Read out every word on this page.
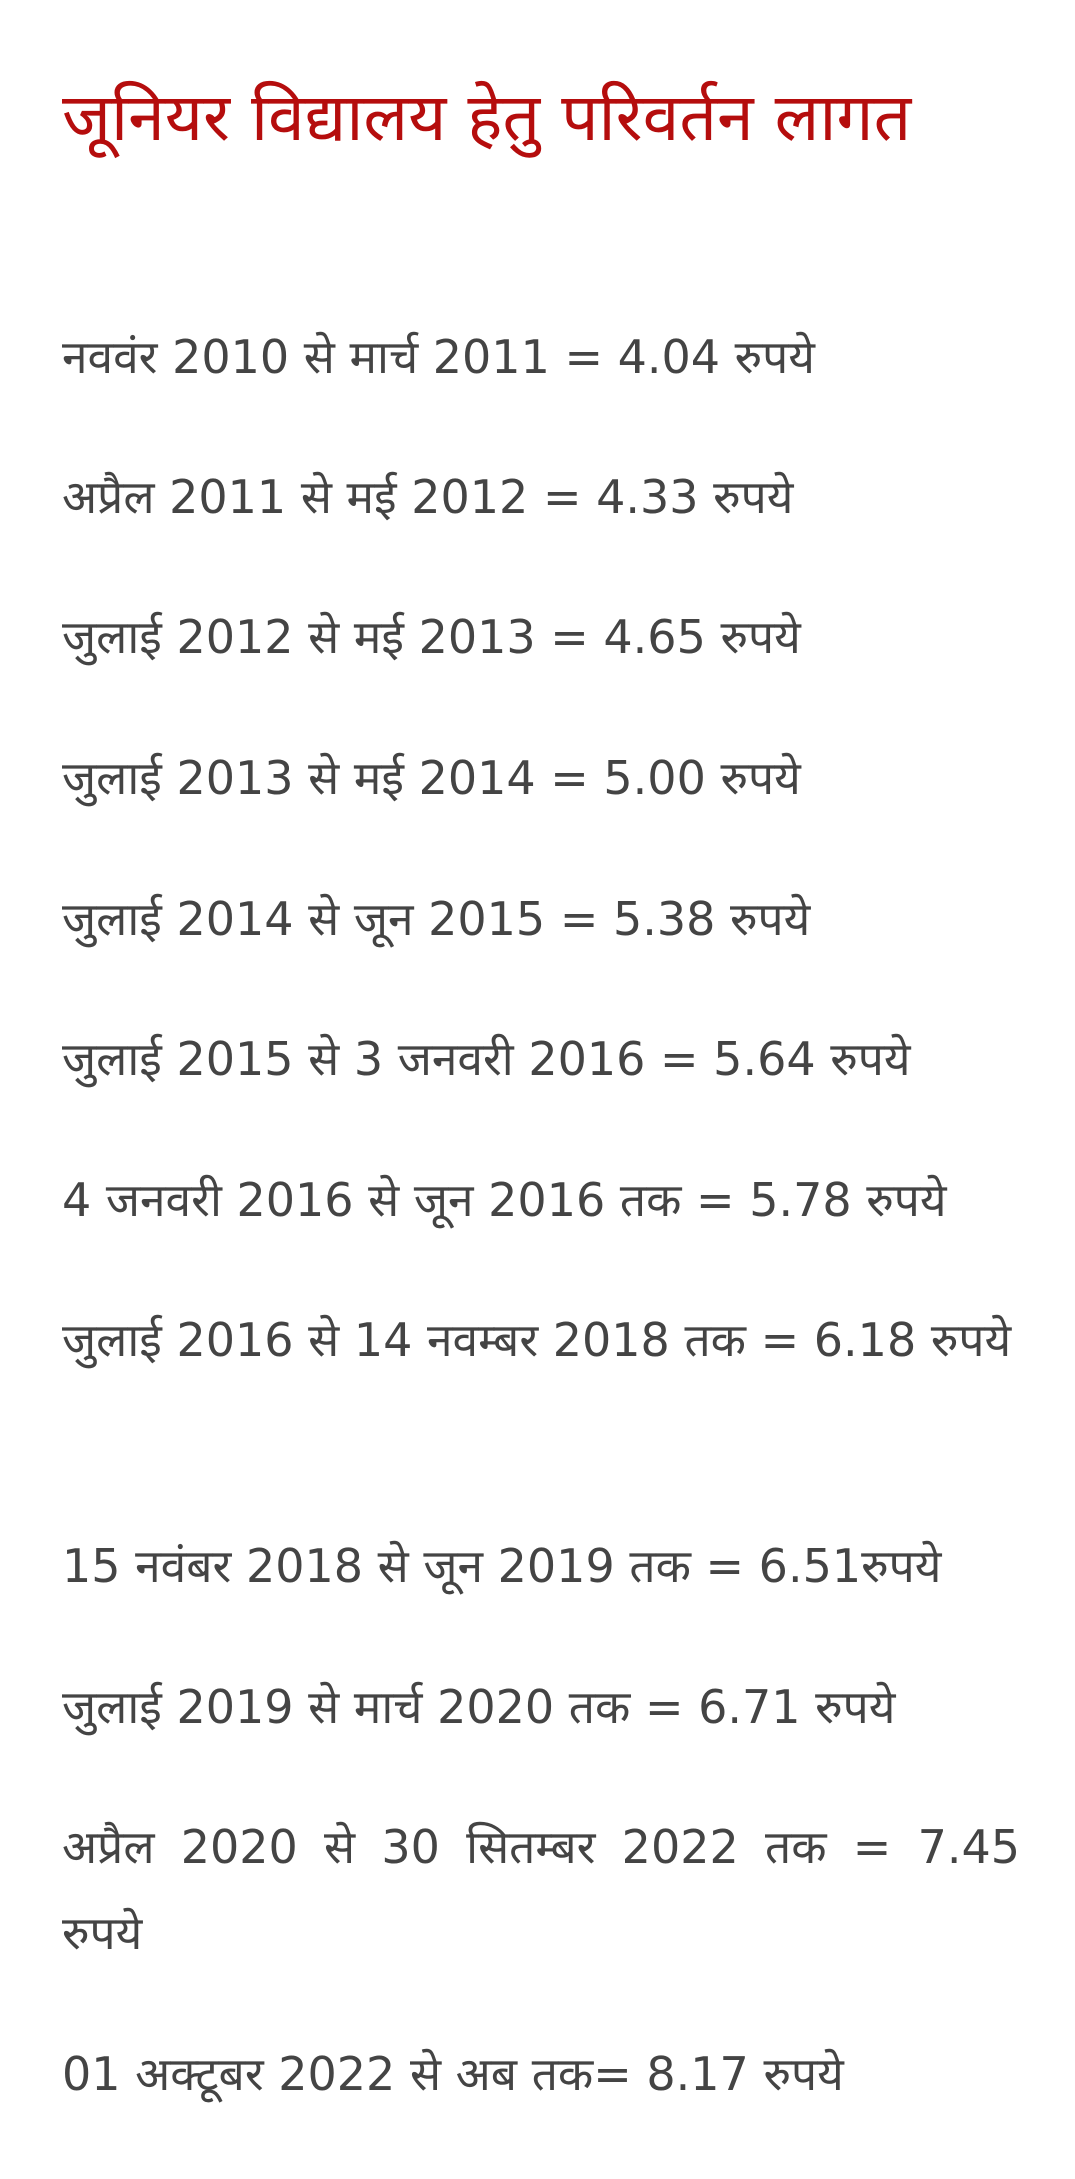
जूनियर विद्यालय हेतु परिवर्तन लागत
नववंर 2010 से मार्च 2011 = 4.04 रुपये
अप्रैल 2011 से मई 2012 = 4.33 रुपये
जुलाई 2012 से मई 2013 = 4.65 रुपये
जुलाई 2013 से मई 2014 = 5.00 रुपये
जुलाई 2014 से जून 2015 = 5.38 रुपये
जुलाई 2015 से 3 जनवरी 2016 = 5.64 रुपये
4 जनवरी 2016 से जून 2016 तक = 5.78 रुपये
जुलाई 2016 से 14 नवम्बर 2018 तक = 6.18 रुपये
15 नवंबर 2018 से जून 2019 तक = 6.51रुपये
जुलाई 2019 से मार्च 2020 तक = 6.71 रुपये
अप्रैल 2020 से 30 सितम्बर 2022 तक = 7.45 रुपये
01 अक्टूबर 2022 से अब तक= 8.17 रुपये
